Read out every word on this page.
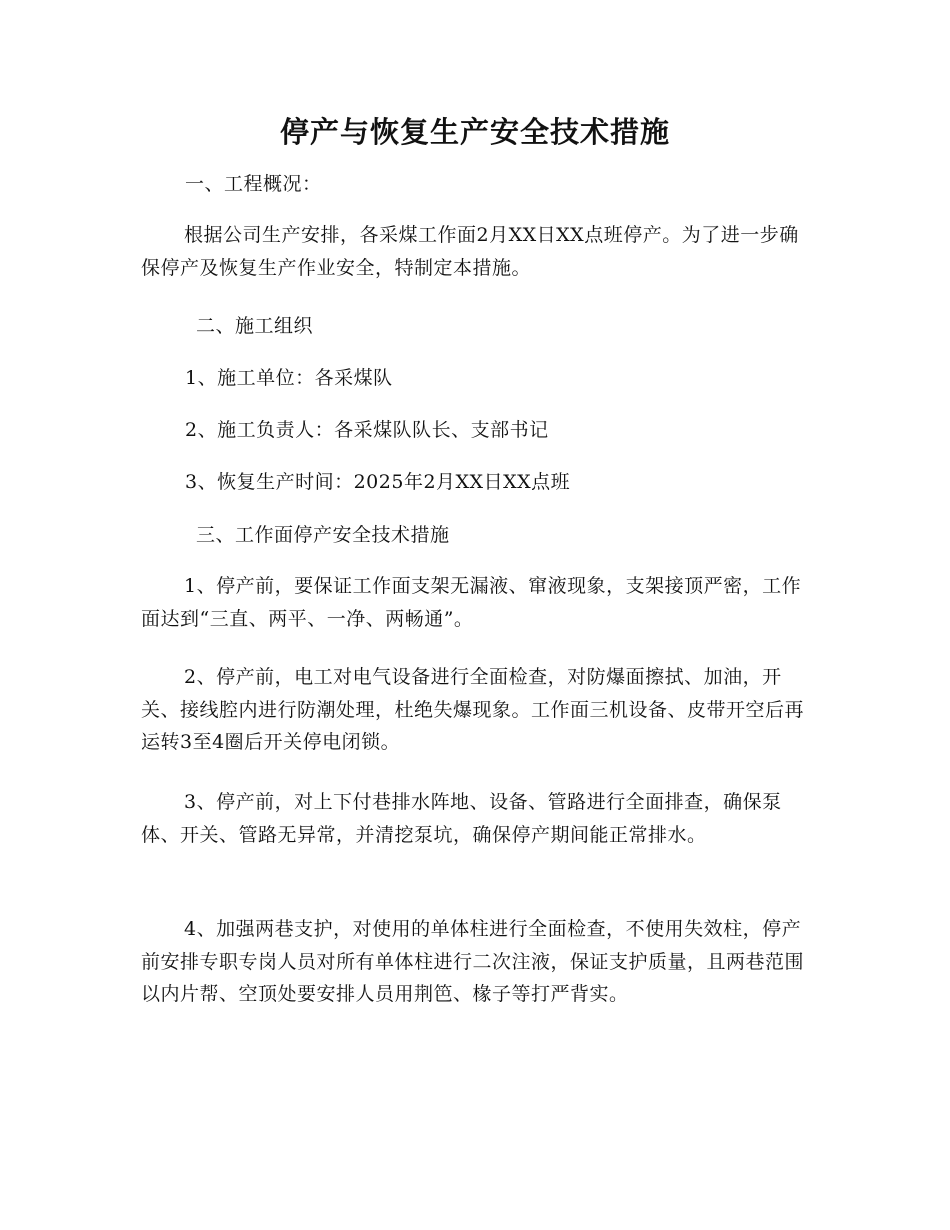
停产与恢复生产安全技术措施
一、工程概况：
根据公司生产安排，各采煤工作面2月XX日XX点班停产。为了进一步确保停产及恢复生产作业安全，特制定本措施。
二、施工组织
1、施工单位：各采煤队
2、施工负责人：各采煤队队长、支部书记
3、恢复生产时间：2025年2月XX日XX点班
三、工作面停产安全技术措施
1、停产前，要保证工作面支架无漏液、窜液现象，支架接顶严密，工作面达到“三直、两平、一净、两畅通”。
2、停产前，电工对电气设备进行全面检查，对防爆面擦拭、加油，开关、接线腔内进行防潮处理，杜绝失爆现象。工作面三机设备、皮带开空后再运转3至4圈后开关停电闭锁。
3、停产前，对上下付巷排水阵地、设备、管路进行全面排查，确保泵体、开关、管路无异常，并清挖泵坑，确保停产期间能正常排水。
4、加强两巷支护，对使用的单体柱进行全面检查，不使用失效柱，停产前安排专职专岗人员对所有单体柱进行二次注液，保证支护质量，且两巷范围以内片帮、空顶处要安排人员用荆笆、椽子等打严背实。
